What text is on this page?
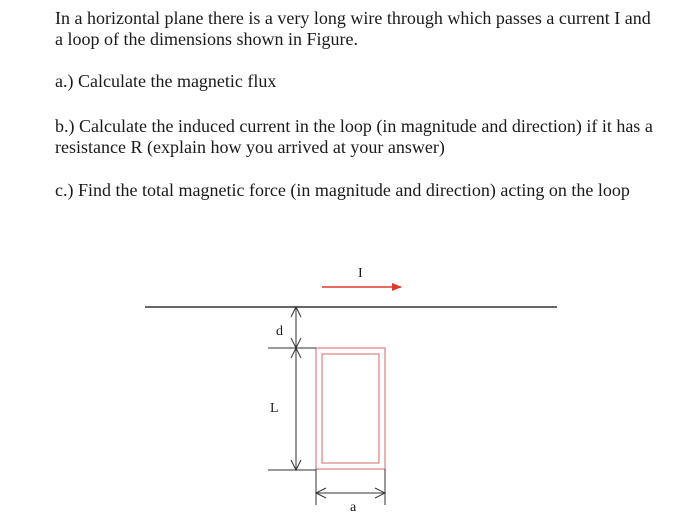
In a horizontal plane there is a very long wire through which passes a current I and a loop of the dimensions shown in Figure.

a.) Calculate the magnetic flux

b.) Calculate the induced current in the loop (in magnitude and direction) if it has a resistance R (explain how you arrived at your answer)

c.) Find the total magnetic force (in magnitude and direction) acting on the loop

I
d
L
a
